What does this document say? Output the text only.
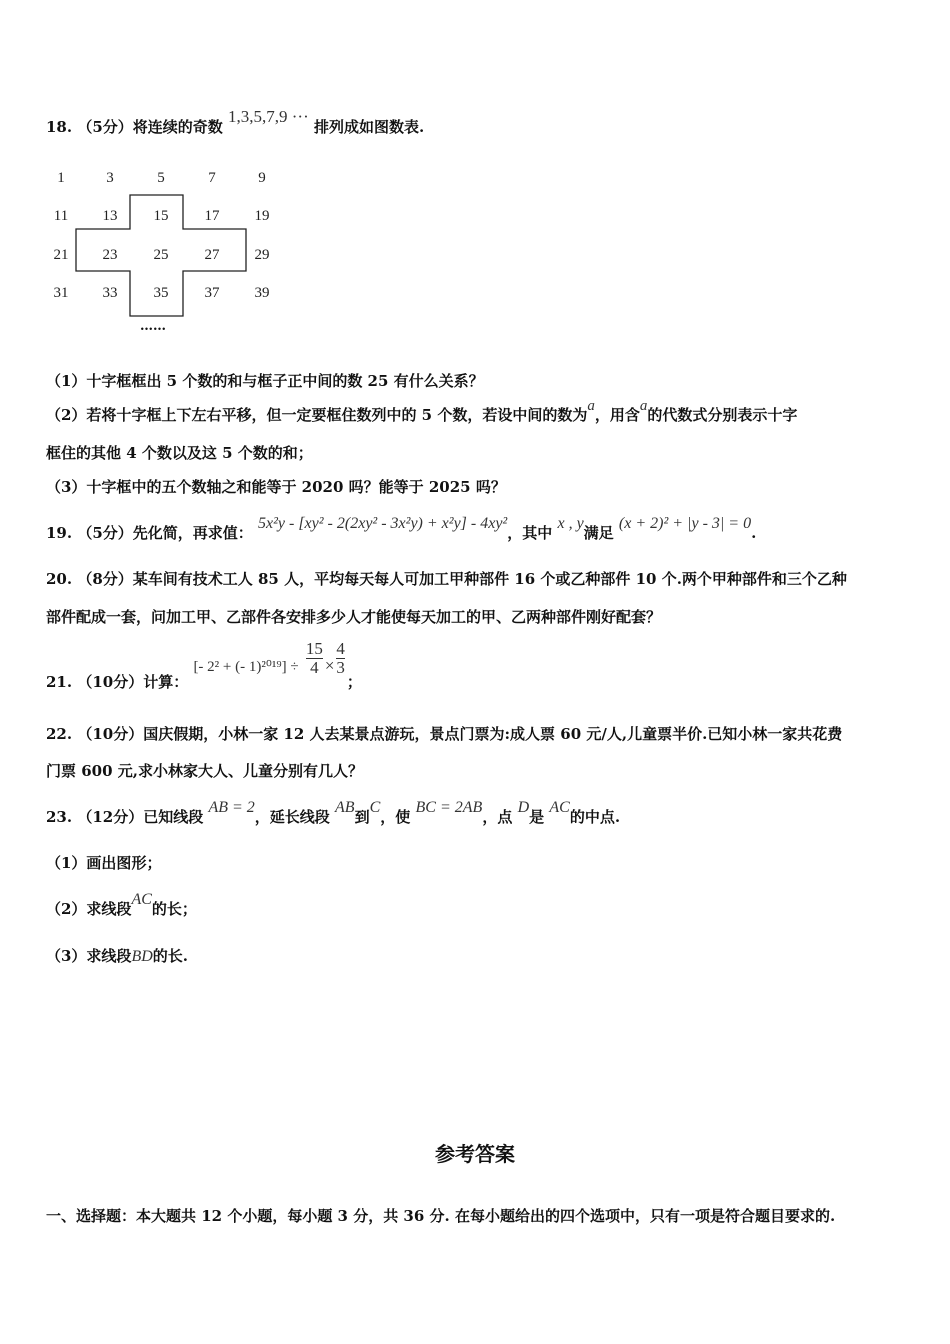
18. （5分）将连续的奇数 1,3,5,7,9 ··· 排列成如图数表.
1	3	5	7	9
11	13	15	17	19
21	23	25	27	29
31	33	35	37	39
……
（1）十字框框出 5 个数的和与框子正中间的数 25 有什么关系？
（2）若将十字框上下左右平移，但一定要框住数列中的 5 个数，若设中间的数为a，用含a的代数式分别表示十字
框住的其他 4 个数以及这 5 个数的和；
（3）十字框中的五个数轴之和能等于 2020 吗？能等于 2025 吗？
19. （5分）先化简，再求值： 5x²y - [xy² - 2(2xy² - 3x²y) + x²y] - 4xy²，其中 x , y满足 (x + 2)² + |y - 3| = 0.
20. （8分）某车间有技术工人 85 人，平均每天每人可加工甲种部件 16 个或乙种部件 10 个.两个甲种部件和三个乙种
部件配成一套，问加工甲、乙部件各安排多少人才能使每天加工的甲、乙两种部件刚好配套？
21. （10分）计算： [- 2² + (- $1)^{2019}] \div \frac{15}{4} \times \frac{4}{3}$
；
22. （10分）国庆假期，小林一家 12 人去某景点游玩，景点门票为:成人票 60 元/人,儿童票半价.已知小林一家共花费
门票 600 元,求小林家大人、儿童分别有几人？
23. （12分）已知线段 AB = 2，延长线段 AB到C，使 BC = 2AB，点 D是 AC的中点.
（1）画出图形；
（2）求线段AC的长；
（3）求线段BD的长.
参考答案
一、选择题：本大题共 12 个小题，每小题 3 分，共 36 分. 在每小题给出的四个选项中，只有一项是符合题目要求的.
